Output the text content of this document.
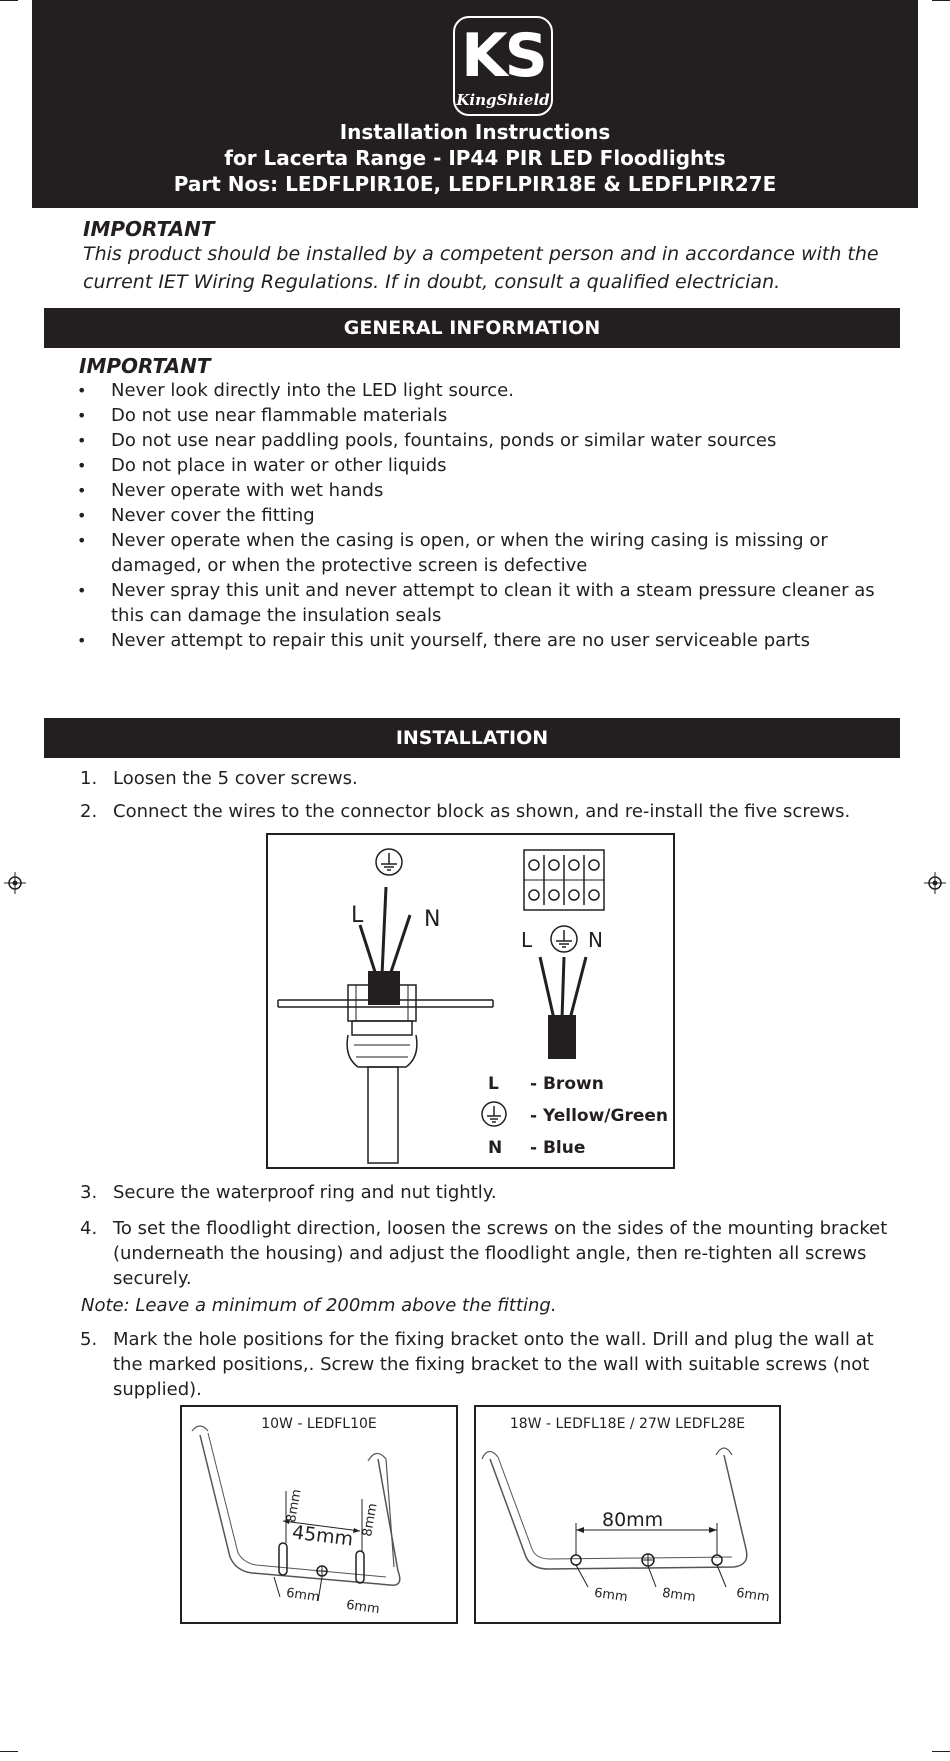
KS
KingShield
Installation Instructions
for Lacerta Range - IP44 PIR LED Floodlights
Part Nos: LEDFLPIR10E, LEDFLPIR18E & LEDFLPIR27E
IMPORTANT
This product should be installed by a competent person and in accordance with the
current IET Wiring Regulations. If in doubt, consult a qualified electrician.
GENERAL INFORMATION
IMPORTANT
• Never look directly into the LED light source.
• Do not use near flammable materials
• Do not use near paddling pools, fountains, ponds or similar water sources
• Do not place in water or other liquids
• Never operate with wet hands
• Never cover the fitting
• Never operate when the casing is open, or when the wiring casing is missing or damaged, or when the protective screen is defective
• Never spray this unit and never attempt to clean it with a steam pressure cleaner as this can damage the insulation seals
• Never attempt to repair this unit yourself, there are no user serviceable parts
INSTALLATION
1. Loosen the 5 cover screws.
2. Connect the wires to the connector block as shown, and re-install the five screws.
L	N
L	N
L - Brown
- Yellow/Green
N - Blue
3. Secure the waterproof ring and nut tightly.
4. To set the floodlight direction, loosen the screws on the sides of the mounting bracket (underneath the housing) and adjust the floodlight angle, then re-tighten all screws securely.
Note: Leave a minimum of 200mm above the fitting.
5. Mark the hole positions for the fixing bracket onto the wall. Drill and plug the wall at the marked positions,. Screw the fixing bracket to the wall with suitable screws (not supplied).
10W - LEDFL10E
45mm
8mm	8mm
6mm
6mm
18W - LEDFL18E / 27W LEDFL28E
80mm
6mm	8mm	6mm
